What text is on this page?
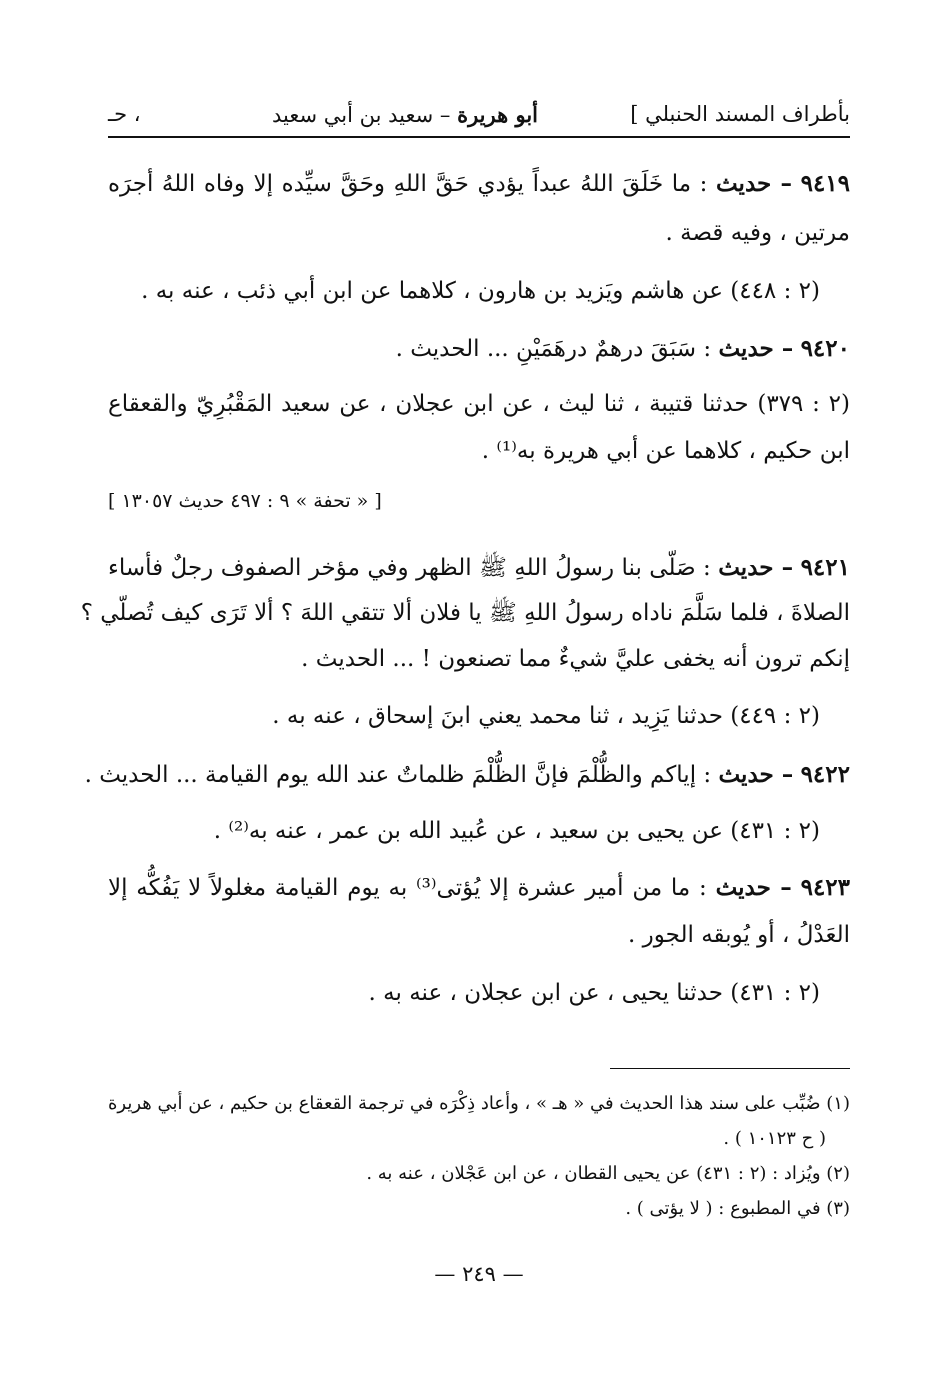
بأطراف المسند الحنبلي ]
أبو هريرة – سعيد بن أبي سعيد
، حـ
٩٤١٩ – حديث : ما خَلَقَ اللهُ عبداً يؤدي حَقَّ اللهِ وحَقَّ سيِّده إلا وفاه اللهُ أجرَه
مرتين ، وفيه قصة .
(٢ : ٤٤٨) عن هاشم ويَزيد بن هارون ، كلاهما عن ابن أبي ذئب ، عنه به .
٩٤٢٠ – حديث : سَبَقَ درهمٌ درهَمَيْنِ ... الحديث .
(٢ : ٣٧٩) حدثنا قتيبة ، ثنا ليث ، عن ابن عجلان ، عن سعيد المَقْبُرِيّ والقعقاع
ابن حكيم ، كلاهما عن أبي هريرة به⁽¹⁾ .
[ « تحفة » ٩ : ٤٩٧ حديث ١٣٠٥٧ ]
٩٤٢١ – حديث : صَلّى بنا رسولُ اللهِ ﷺ الظهر وفي مؤخر الصفوف رجلٌ فأساء
الصلاةَ ، فلما سَلَّمَ ناداه رسولُ اللهِ ﷺ يا فلان ألا تتقي اللهَ ؟ ألا تَرَى كيف تُصلّي ؟
إنكم ترون أنه يخفى عليَّ شيءٌ مما تصنعون ! ... الحديث .
(٢ : ٤٤٩) حدثنا يَزِيد ، ثنا محمد يعني ابنَ إسحاق ، عنه به .
٩٤٢٢ – حديث : إياكم والظُّلْمَ فإنَّ الظُّلْمَ ظلماتٌ عند الله يوم القيامة ... الحديث .
(٢ : ٤٣١) عن يحيى بن سعيد ، عن عُبيد الله بن عمر ، عنه به⁽²⁾ .
٩٤٢٣ – حديث : ما من أمير عشرة إلا يُؤتى⁽³⁾ به يوم القيامة مغلولاً لا يَفُكُّه إلا
العَدْلُ ، أو يُوبقه الجور .
(٢ : ٤٣١) حدثنا يحيى ، عن ابن عجلان ، عنه به .
(١) ضُبِّب على سند هذا الحديث في « هـ » ، وأعاد ذِكْرَه في ترجمة القعقاع بن حكيم ، عن أبي هريرة
( ح ١٠١٢٣ ) .
(٢) ويُزاد : (٢ : ٤٣١) عن يحيى القطان ، عن ابن عَجْلان ، عنه به .
(٣) في المطبوع : ( لا يؤتى ) .
— ٢٤٩ —
